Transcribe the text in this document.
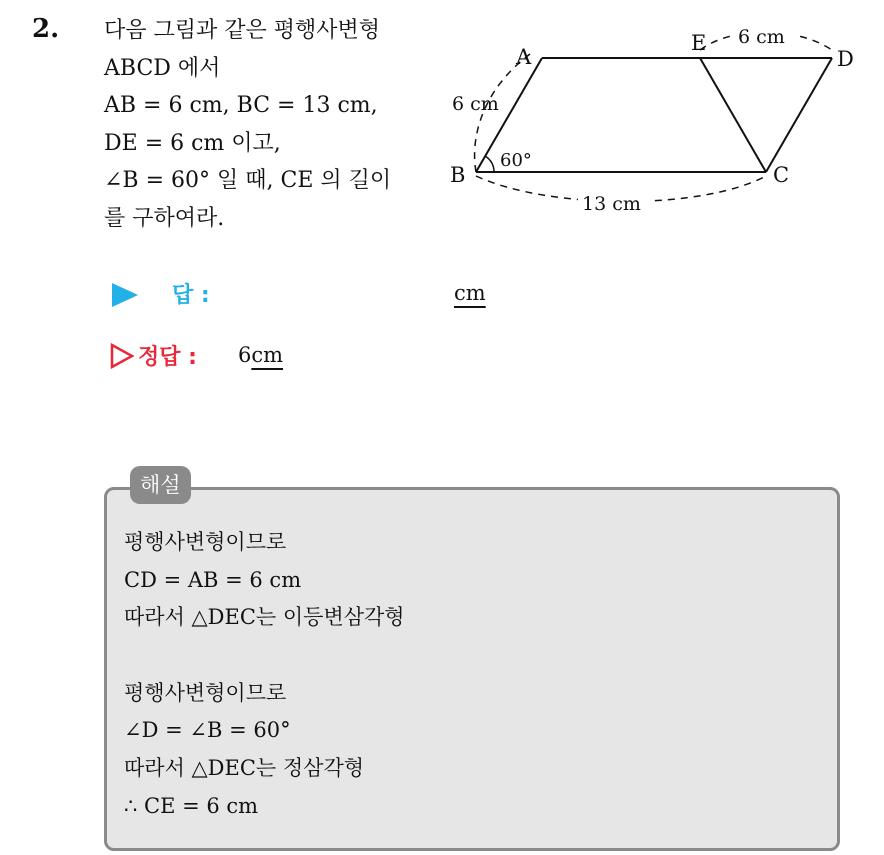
2. 다음 그림과 같은 평행사변형
ABCD 에서
AB = 6 cm, BC = 13 cm,
DE = 6 cm 이고,
∠B = 60° 일 때, CE 의 길이
를 구하여라.
A
B	C
D
E
60°
6 cm
6 cm
13 cm
답 :	cm
정답 : 6cm
해설
평행사변형이므로
CD = AB = 6 cm
따라서 △DEC는 이등변삼각형
평행사변형이므로
∠D = ∠B = 60°
따라서 △DEC는 정삼각형
∴ CE = 6 cm
